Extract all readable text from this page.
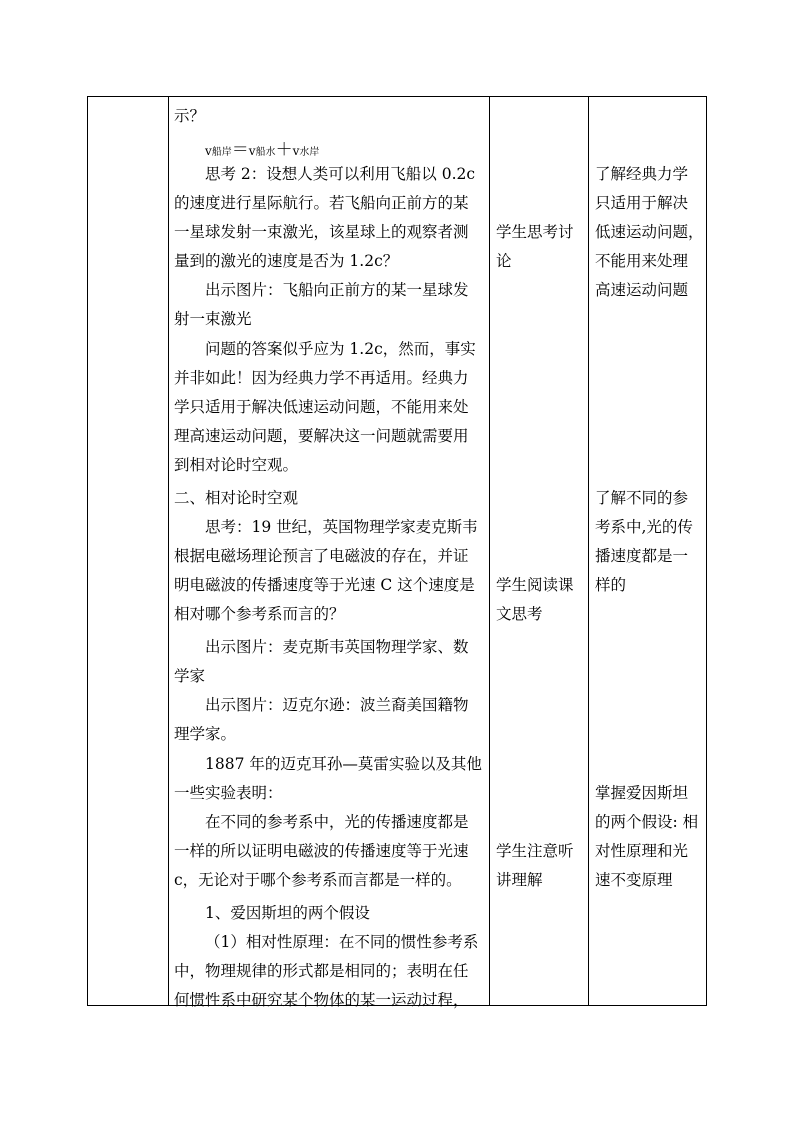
示？
v船岸＝v船水＋v水岸
思考 2：设想人类可以利用飞船以 0.2c
的速度进行星际航行。若飞船向正前方的某
一星球发射一束激光，该星球上的观察者测
量到的激光的速度是否为 1.2c？
出示图片：飞船向正前方的某一星球发
射一束激光
问题的答案似乎应为 1.2c，然而，事实
并非如此！因为经典力学不再适用。经典力
学只适用于解决低速运动问题，不能用来处
理高速运动问题，要解决这一问题就需要用
到相对论时空观。
二、相对论时空观
思考：19 世纪，英国物理学家麦克斯韦
根据电磁场理论预言了电磁波的存在，并证
明电磁波的传播速度等于光速 C 这个速度是
相对哪个参考系而言的？
出示图片：麦克斯韦英国物理学家、数
学家
出示图片：迈克尔逊：波兰裔美国籍物
理学家。
1887 年的迈克耳孙—莫雷实验以及其他
一些实验表明：
在不同的参考系中，光的传播速度都是
一样的所以证明电磁波的传播速度等于光速
c，无论对于哪个参考系而言都是一样的。
1、爱因斯坦的两个假设
（1）相对性原理：在不同的惯性参考系
中，物理规律的形式都是相同的；表明在任
何惯性系中研究某个物体的某一运动过程，
学生思考讨
论
学生阅读课
文思考
学生注意听
讲理解
了解经典力学
只适用于解决
低速运动问题，
不能用来处理
高速运动问题
了解不同的参
考系中,光的传
播速度都是一
样的
掌握爱因斯坦
的两个假设: 相
对性原理和光
速不变原理
